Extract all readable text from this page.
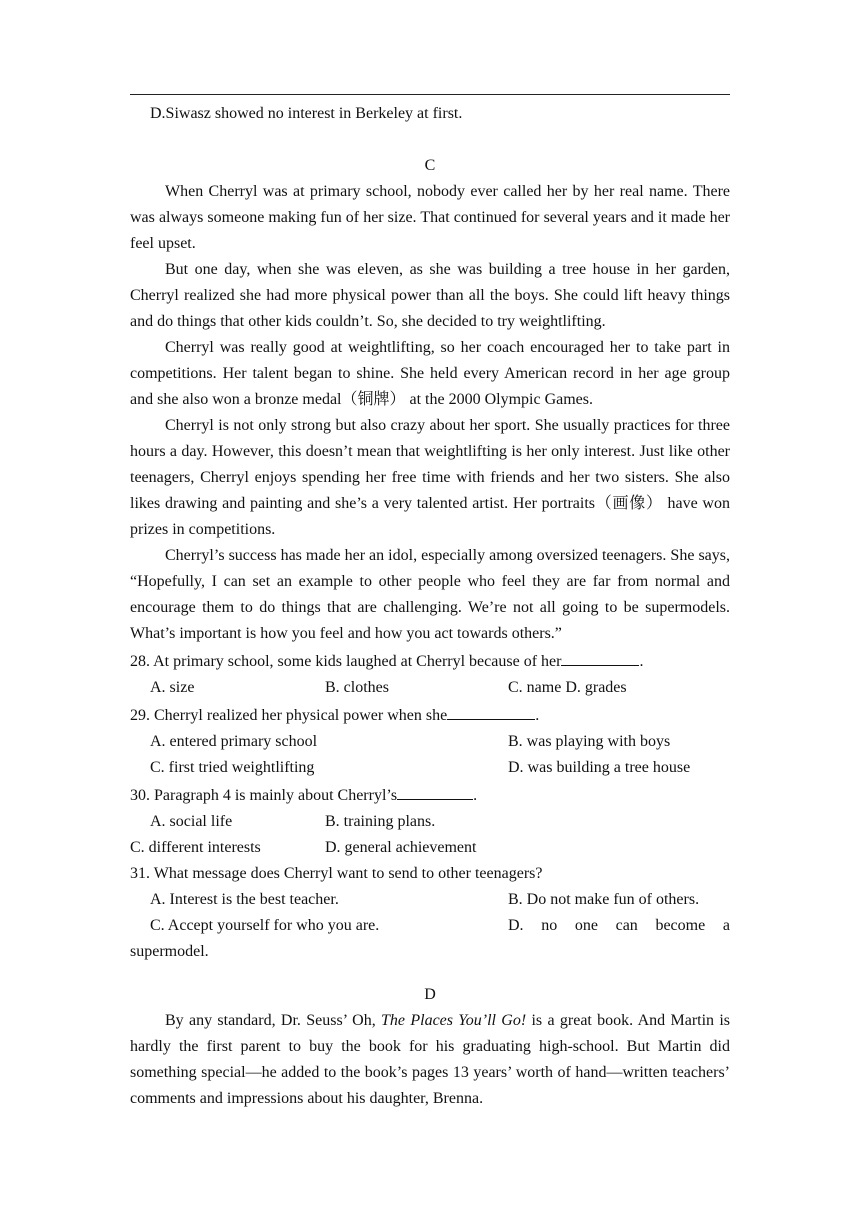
D.Siwasz showed no interest in Berkeley at first.

C

When Cherryl was at primary school, nobody ever called her by her real name. There was always someone making fun of her size. That continued for several years and it made her feel upset.

But one day, when she was eleven, as she was building a tree house in her garden, Cherryl realized she had more physical power than all the boys. She could lift heavy things and do things that other kids couldn’t. So, she decided to try weightlifting.

Cherryl was really good at weightlifting, so her coach encouraged her to take part in competitions. Her talent began to shine. She held every American record in her age group and she also won a bronze medal（铜牌） at the 2000 Olympic Games.

Cherryl is not only strong but also crazy about her sport. She usually practices for three hours a day. However, this doesn’t mean that weightlifting is her only interest. Just like other teenagers, Cherryl enjoys spending her free time with friends and her two sisters. She also likes drawing and painting and she’s a very talented artist. Her portraits（画像） have won prizes in competitions.

Cherryl’s success has made her an idol, especially among oversized teenagers. She says, “Hopefully, I can set an example to other people who feel they are far from normal and encourage them to do things that are challenging. We’re not all going to be supermodels. What’s important is how you feel and how you act towards others.”

28. At primary school, some kids laughed at Cherryl because of her	.

A. size	B. clothes	C. name D. grades

29. Cherryl realized her physical power when she	.

A. entered primary school	B. was playing with boys
C. first tried weightlifting	D. was building a tree house

30. Paragraph 4 is mainly about Cherryl’s	.

A. social life	B. training plans.
C. different interests	D. general achievement

31. What message does Cherryl want to send to other teenagers?

A. Interest is the best teacher.	B. Do not make fun of others.
C. Accept yourself for who you are.	D. no one can become a

supermodel.

D

By any standard, Dr. Seuss’ Oh, The Places You’ll Go! is a great book. And Martin is hardly the first parent to buy the book for his graduating high-school. But Martin did something special—he added to the book’s pages 13 years’ worth of hand—written teachers’ comments and impressions about his daughter, Brenna.
